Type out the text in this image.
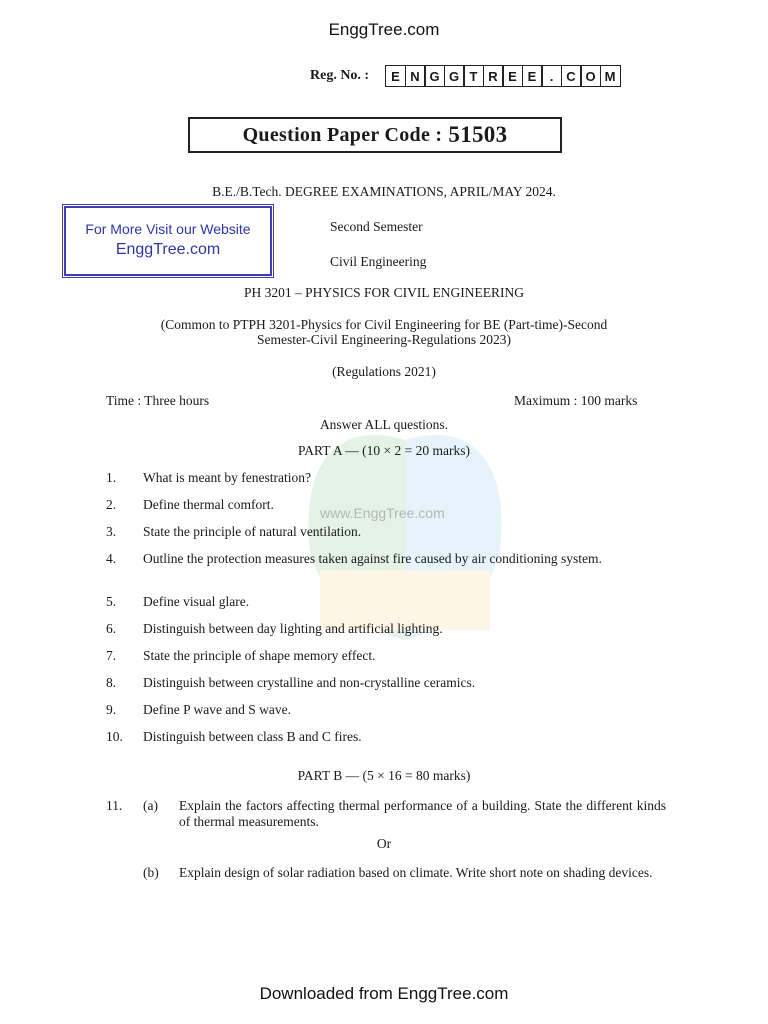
EnggTree.com
Reg. No. :	E N G G T R E E	. C O M
Question Paper Code : 51503
B.E./B.Tech. DEGREE EXAMINATIONS, APRIL/MAY 2024.
For More Visit our Website
EnggTree.com
Second Semester
Civil Engineering
PH 3201 – PHYSICS FOR CIVIL ENGINEERING
(Common to PTPH 3201-Physics for Civil Engineering for BE (Part-time)-Second
Semester-Civil Engineering-Regulations 2023)
(Regulations 2021)
www.EnggTree.com
Time : Three hours	Maximum : 100 marks
Answer ALL questions.
PART A — (10 × 2 = 20 marks)
1. What is meant by fenestration?
2. Define thermal comfort.
3. State the principle of natural ventilation.
4. Outline the protection measures taken against fire caused by air conditioning system.
5. Define visual glare.
6. Distinguish between day lighting and artificial lighting.
7. State the principle of shape memory effect.
8. Distinguish between crystalline and non-crystalline ceramics.
9. Define P wave and S wave.
10. Distinguish between class B and C fires.
PART B — (5 × 16 = 80 marks)
11. (a) Explain the factors affecting thermal performance of a building. State the different kinds of thermal measurements.
Or
(b) Explain design of solar radiation based on climate. Write short note on shading devices.
Downloaded from EnggTree.com
